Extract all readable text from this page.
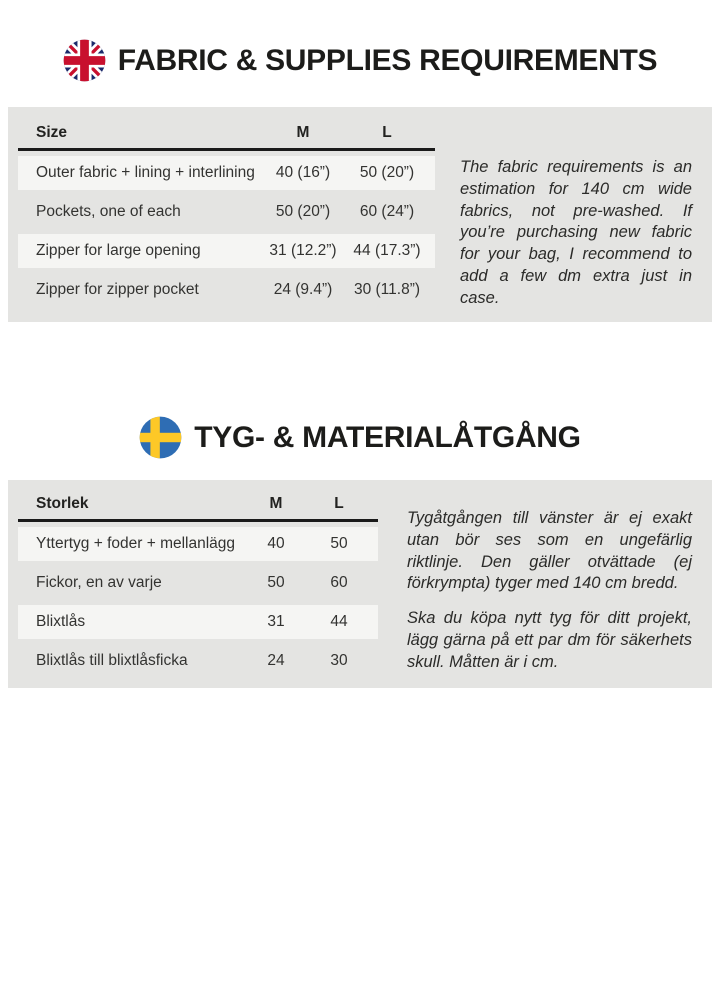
FABRIC & SUPPLIES REQUIREMENTS
Size	M	L
Outer fabric + lining + interlining	40 (16”)	50 (20”)
Pockets, one of each	50 (20”)	60 (24”)
Zipper for large opening	31 (12.2”)	44 (17.3”)
Zipper for zipper pocket	24 (9.4”)	30 (11.8”)

The fabric requirements is an estimation for 140 cm wide fabrics, not pre-washed. If you’re purchasing new fabric for your bag, I recommend to add a few dm extra just in case.

TYG- & MATERIALÅTGÅNG
Storlek	M	L
Yttertyg + foder + mellanlägg	40	50
Fickor, en av varje	50	60
Blixtlås	31	44
Blixtlås till blixtlåsficka	24	30

Tygåtgången till vänster är ej exakt utan bör ses som en ungefärlig riktlinje. Den gäller otvättade (ej förkrympta) tyger med 140 cm bredd.

Ska du köpa nytt tyg för ditt projekt, lägg gärna på ett par dm för säkerhets skull. Måtten är i cm.
